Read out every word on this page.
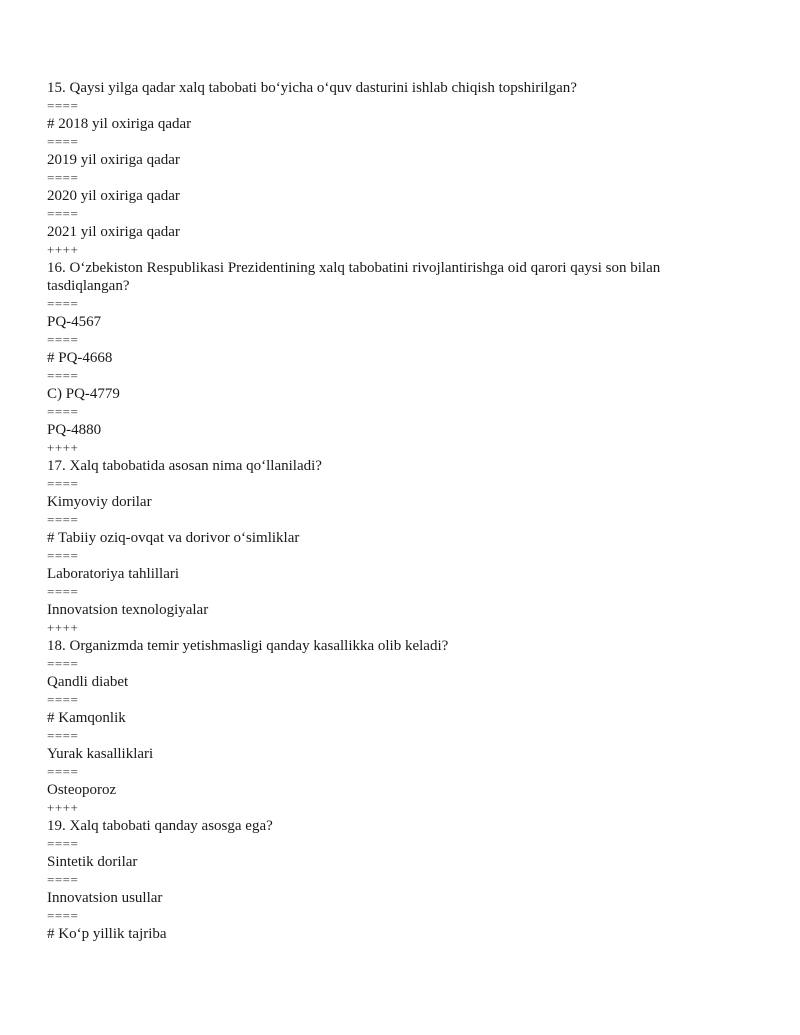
15. Qaysi yilga qadar xalq tabobati bo‘yicha o‘quv dasturini ishlab chiqish topshirilgan?
====
# 2018 yil oxiriga qadar
====
2019 yil oxiriga qadar
====
2020 yil oxiriga qadar
====
2021 yil oxiriga qadar
++++
16. O‘zbekiston Respublikasi Prezidentining xalq tabobatini rivojlantirishga oid qarori qaysi son bilan
tasdiqlangan?
====
PQ-4567
====
# PQ-4668
====
C) PQ-4779
====
PQ-4880
++++
17. Xalq tabobatida asosan nima qo‘llaniladi?
====
Kimyoviy dorilar
====
# Tabiiy oziq-ovqat va dorivor o‘simliklar
====
Laboratoriya tahlillari
====
Innovatsion texnologiyalar
++++
18. Organizmda temir yetishmasligi qanday kasallikka olib keladi?
====
Qandli diabet
====
# Kamqonlik
====
Yurak kasalliklari
====
Osteoporoz
++++
19. Xalq tabobati qanday asosga ega?
====
Sintetik dorilar
====
Innovatsion usullar
====
# Ko‘p yillik tajriba
